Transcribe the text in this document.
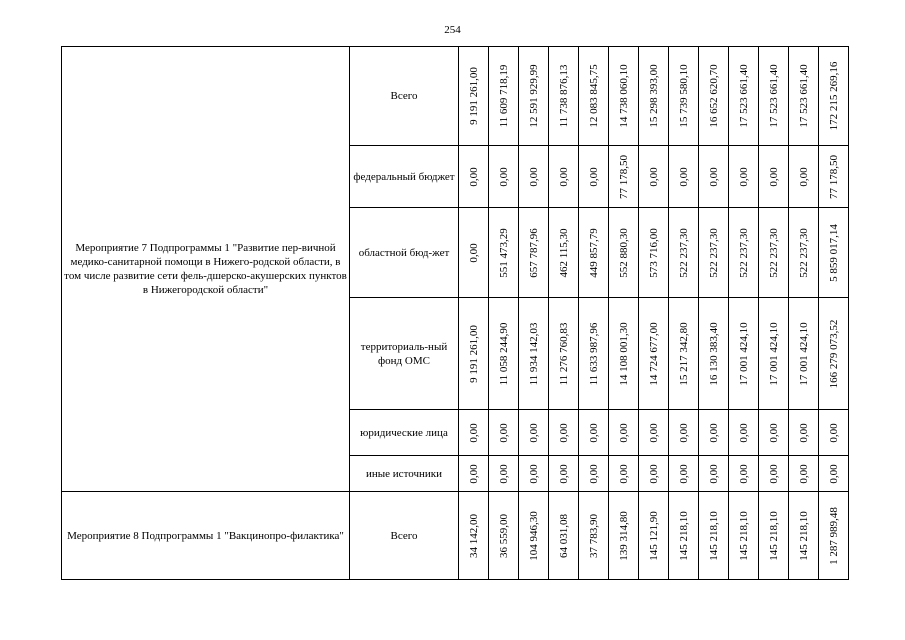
254
Мероприятие 7 Подпрограммы 1 "Развитие пер-вичной медико-санитарной помощи в Нижего-родской области, в том числе развитие сети фель-дшерско-акушерских пунктов в Нижегородской области"	Всего	9 191 261,00	11 609 718,19	12 591 929,99	11 738 876,13	12 083 845,75	14 738 060,10	15 298 393,00	15 739 580,10	16 652 620,70	17 523 661,40	17 523 661,40	17 523 661,40	172 215 269,16

	федеральный бюджет	0,00	0,00	0,00	0,00	0,00	77 178,50	0,00	0,00	0,00	0,00	0,00	0,00	77 178,50

	областной бюд-жет	0,00	551 473,29	657 787,96	462 115,30	449 857,79	552 880,30	573 716,00	522 237,30	522 237,30	522 237,30	522 237,30	522 237,30	5 859 017,14

	территориаль-ный фонд ОМС	9 191 261,00	11 058 244,90	11 934 142,03	11 276 760,83	11 633 987,96	14 108 001,30	14 724 677,00	15 217 342,80	16 130 383,40	17 001 424,10	17 001 424,10	17 001 424,10	166 279 073,52

	юридические лица	0,00	0,00	0,00	0,00	0,00	0,00	0,00	0,00	0,00	0,00	0,00	0,00	0,00

	иные источники	0,00	0,00	0,00	0,00	0,00	0,00	0,00	0,00	0,00	0,00	0,00	0,00	0,00

Мероприятие 8 Подпрограммы 1 "Вакцинопро-филактика"	Всего	34 142,00	36 559,00	104 946,30	64 031,08	37 783,90	139 314,80	145 121,90	145 218,10	145 218,10	145 218,10	145 218,10	145 218,10	1 287 989,48
